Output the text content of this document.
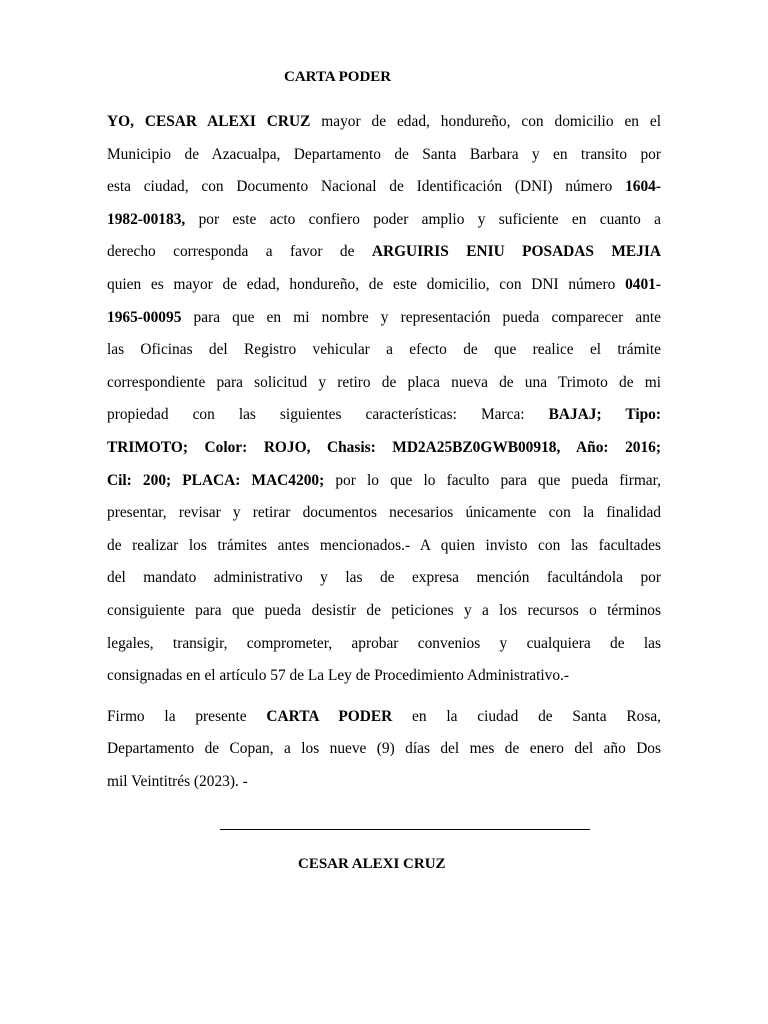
CARTA PODER
YO, CESAR ALEXI CRUZ mayor de edad, hondureño, con domicilio en el
Municipio de Azacualpa, Departamento de Santa Barbara y en transito por
esta ciudad, con Documento Nacional de Identificación (DNI) número 1604-
1982-00183, por este acto confiero poder amplio y suficiente en cuanto a
derecho corresponda a favor de ARGUIRIS ENIU POSADAS MEJIA
quien es mayor de edad, hondureño, de este domicilio, con DNI número 0401-
1965-00095 para que en mi nombre y representación pueda comparecer ante
las Oficinas del Registro vehicular a efecto de que realice el trámite
correspondiente para solicitud y retiro de placa nueva de una Trimoto de mi
propiedad con las siguientes características: Marca: BAJAJ; Tipo:
TRIMOTO; Color: ROJO, Chasis: MD2A25BZ0GWB00918, Año: 2016;
Cil: 200; PLACA: MAC4200; por lo que lo faculto para que pueda firmar,
presentar, revisar y retirar documentos necesarios únicamente con la finalidad
de realizar los trámites antes mencionados.- A quien invisto con las facultades
del mandato administrativo y las de expresa mención facultándola por
consiguiente para que pueda desistir de peticiones y a los recursos o términos
legales, transigir, comprometer, aprobar convenios y cualquiera de las
consignadas en el artículo 57 de La Ley de Procedimiento Administrativo.-
Firmo la presente CARTA PODER en la ciudad de Santa Rosa,
Departamento de Copan, a los nueve (9) días del mes de enero del año Dos
mil Veintitrés (2023). -

CESAR ALEXI CRUZ
